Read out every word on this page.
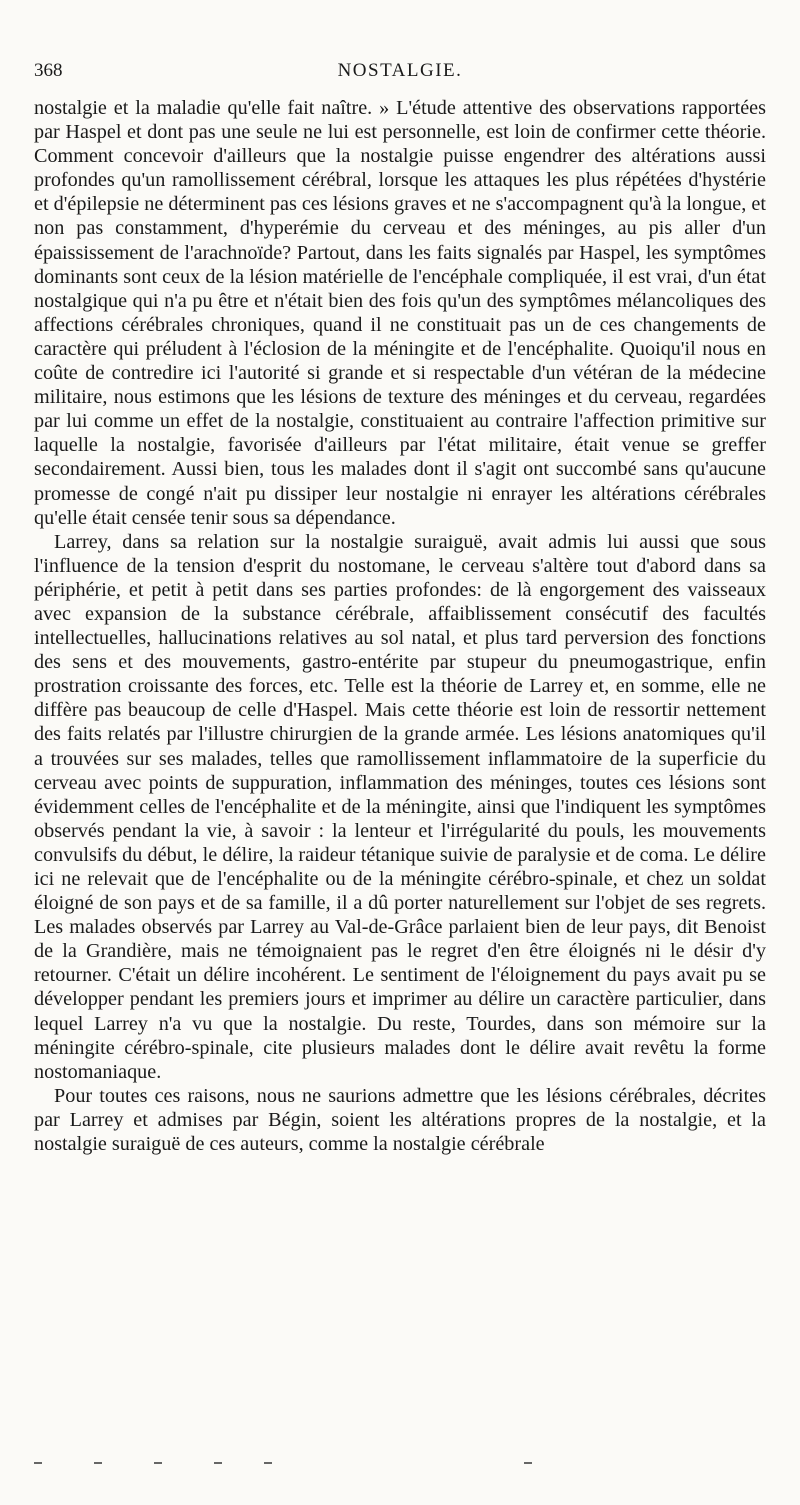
368	NOSTALGIE.

nostalgie et la maladie qu'elle fait naître. » L'étude attentive des observations rapportées par Haspel et dont pas une seule ne lui est personnelle, est loin de confirmer cette théorie. Comment concevoir d'ailleurs que la nostalgie puisse engendrer des altérations aussi profondes qu'un ramollissement cérébral, lorsque les attaques les plus répétées d'hystérie et d'épilepsie ne déterminent pas ces lésions graves et ne s'accompagnent qu'à la longue, et non pas constamment, d'hyperémie du cerveau et des méninges, au pis aller d'un épaississement de l'arachnoïde? Partout, dans les faits signalés par Haspel, les symptômes dominants sont ceux de la lésion matérielle de l'encéphale compliquée, il est vrai, d'un état nostalgique qui n'a pu être et n'était bien des fois qu'un des symptômes mélancoliques des affections cérébrales chroniques, quand il ne constituait pas un de ces changements de caractère qui préludent à l'éclosion de la méningite et de l'encéphalite. Quoiqu'il nous en coûte de contredire ici l'autorité si grande et si respectable d'un vétéran de la médecine militaire, nous estimons que les lésions de texture des méninges et du cerveau, regardées par lui comme un effet de la nostalgie, constituaient au contraire l'affection primitive sur laquelle la nostalgie, favorisée d'ailleurs par l'état militaire, était venue se greffer secondairement. Aussi bien, tous les malades dont il s'agit ont succombé sans qu'aucune promesse de congé n'ait pu dissiper leur nostalgie ni enrayer les altérations cérébrales qu'elle était censée tenir sous sa dépendance.

Larrey, dans sa relation sur la nostalgie suraiguë, avait admis lui aussi que sous l'influence de la tension d'esprit du nostomane, le cerveau s'altère tout d'abord dans sa périphérie, et petit à petit dans ses parties profondes: de là engorgement des vaisseaux avec expansion de la substance cérébrale, affaiblissement consécutif des facultés intellectuelles, hallucinations relatives au sol natal, et plus tard perversion des fonctions des sens et des mouvements, gastro-entérite par stupeur du pneumogastrique, enfin prostration croissante des forces, etc. Telle est la théorie de Larrey et, en somme, elle ne diffère pas beaucoup de celle d'Haspel. Mais cette théorie est loin de ressortir nettement des faits relatés par l'illustre chirurgien de la grande armée. Les lésions anatomiques qu'il a trouvées sur ses malades, telles que ramollissement inflammatoire de la superficie du cerveau avec points de suppuration, inflammation des méninges, toutes ces lésions sont évidemment celles de l'encéphalite et de la méningite, ainsi que l'indiquent les symptômes observés pendant la vie, à savoir : la lenteur et l'irrégularité du pouls, les mouvements convulsifs du début, le délire, la raideur tétanique suivie de paralysie et de coma. Le délire ici ne relevait que de l'encéphalite ou de la méningite cérébro-spinale, et chez un soldat éloigné de son pays et de sa famille, il a dû porter naturellement sur l'objet de ses regrets. Les malades observés par Larrey au Val-de-Grâce parlaient bien de leur pays, dit Benoist de la Grandière, mais ne témoignaient pas le regret d'en être éloignés ni le désir d'y retourner. C'était un délire incohérent. Le sentiment de l'éloignement du pays avait pu se développer pendant les premiers jours et imprimer au délire un caractère particulier, dans lequel Larrey n'a vu que la nostalgie. Du reste, Tourdes, dans son mémoire sur la méningite cérébro-spinale, cite plusieurs malades dont le délire avait revêtu la forme nostomaniaque.

Pour toutes ces raisons, nous ne saurions admettre que les lésions cérébrales, décrites par Larrey et admises par Bégin, soient les altérations propres de la nostalgie, et la nostalgie suraiguë de ces auteurs, comme la nostalgie cérébrale
